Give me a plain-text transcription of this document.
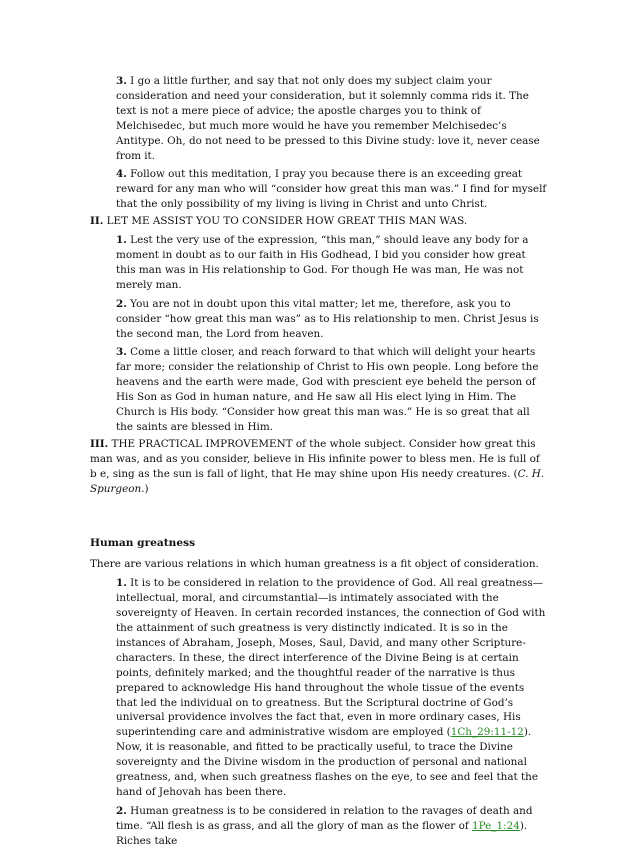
3. I go a little further, and say that not only does my subject claim your consideration and need your consideration, but it solemnly comma rids it. The text is not a mere piece of advice; the apostle charges you to think of Melchisedec, but much more would he have you remember Melchisedec’s Antitype. Oh, do not need to be pressed to this Divine study: love it, never cease from it.

4. Follow out this meditation, I pray you because there is an exceeding great reward for any man who will “consider how great this man was.” I find for myself that the only possibility of my living is living in Christ and unto Christ.

II. LET ME ASSIST YOU TO CONSIDER HOW GREAT THIS MAN WAS.

1. Lest the very use of the expression, “this man,” should leave any body for a moment in doubt as to our faith in His Godhead, I bid you consider how great this man was in His relationship to God. For though He was man, He was not merely man.

2. You are not in doubt upon this vital matter; let me, therefore, ask you to consider “how great this man was” as to His relationship to men. Christ Jesus is the second man, the Lord from heaven.

3. Come a little closer, and reach forward to that which will delight your hearts far more; consider the relationship of Christ to His own people. Long before the heavens and the earth were made, God with prescient eye beheld the person of His Son as God in human nature, and He saw all His elect lying in Him. The Church is His body. “Consider how great this man was.” He is so great that all the saints are blessed in Him.

III. THE PRACTICAL IMPROVEMENT of the whole subject. Consider how great this man was, and as you consider, believe in His infinite power to bless men. He is full of b e, sing as the sun is fall of light, that He may shine upon His needy creatures. (C. H. Spurgeon.)

Human greatness

There are various relations in which human greatness is a fit object of consideration.

1. It is to be considered in relation to the providence of God. All real greatness—intellectual, moral, and circumstantial—is intimately associated with the sovereignty of Heaven. In certain recorded instances, the connection of God with the attainment of such greatness is very distinctly indicated. It is so in the instances of Abraham, Joseph, Moses, Saul, David, and many other Scripture-characters. In these, the direct interference of the Divine Being is at certain points, definitely marked; and the thoughtful reader of the narrative is thus prepared to acknowledge His hand throughout the whole tissue of the events that led the individual on to greatness. But the Scriptural doctrine of God’s universal providence involves the fact that, even in more ordinary cases, His superintending care and administrative wisdom are employed (1Ch_29:11-12). Now, it is reasonable, and fitted to be practically useful, to trace the Divine sovereignty and the Divine wisdom in the production of personal and national greatness, and, when such greatness flashes on the eye, to see and feel that the hand of Jehovah has been there.

2. Human greatness is to be considered in relation to the ravages of death and time. “All flesh is as grass, and all the glory of man as the flower of 1Pe_1:24). Riches take
